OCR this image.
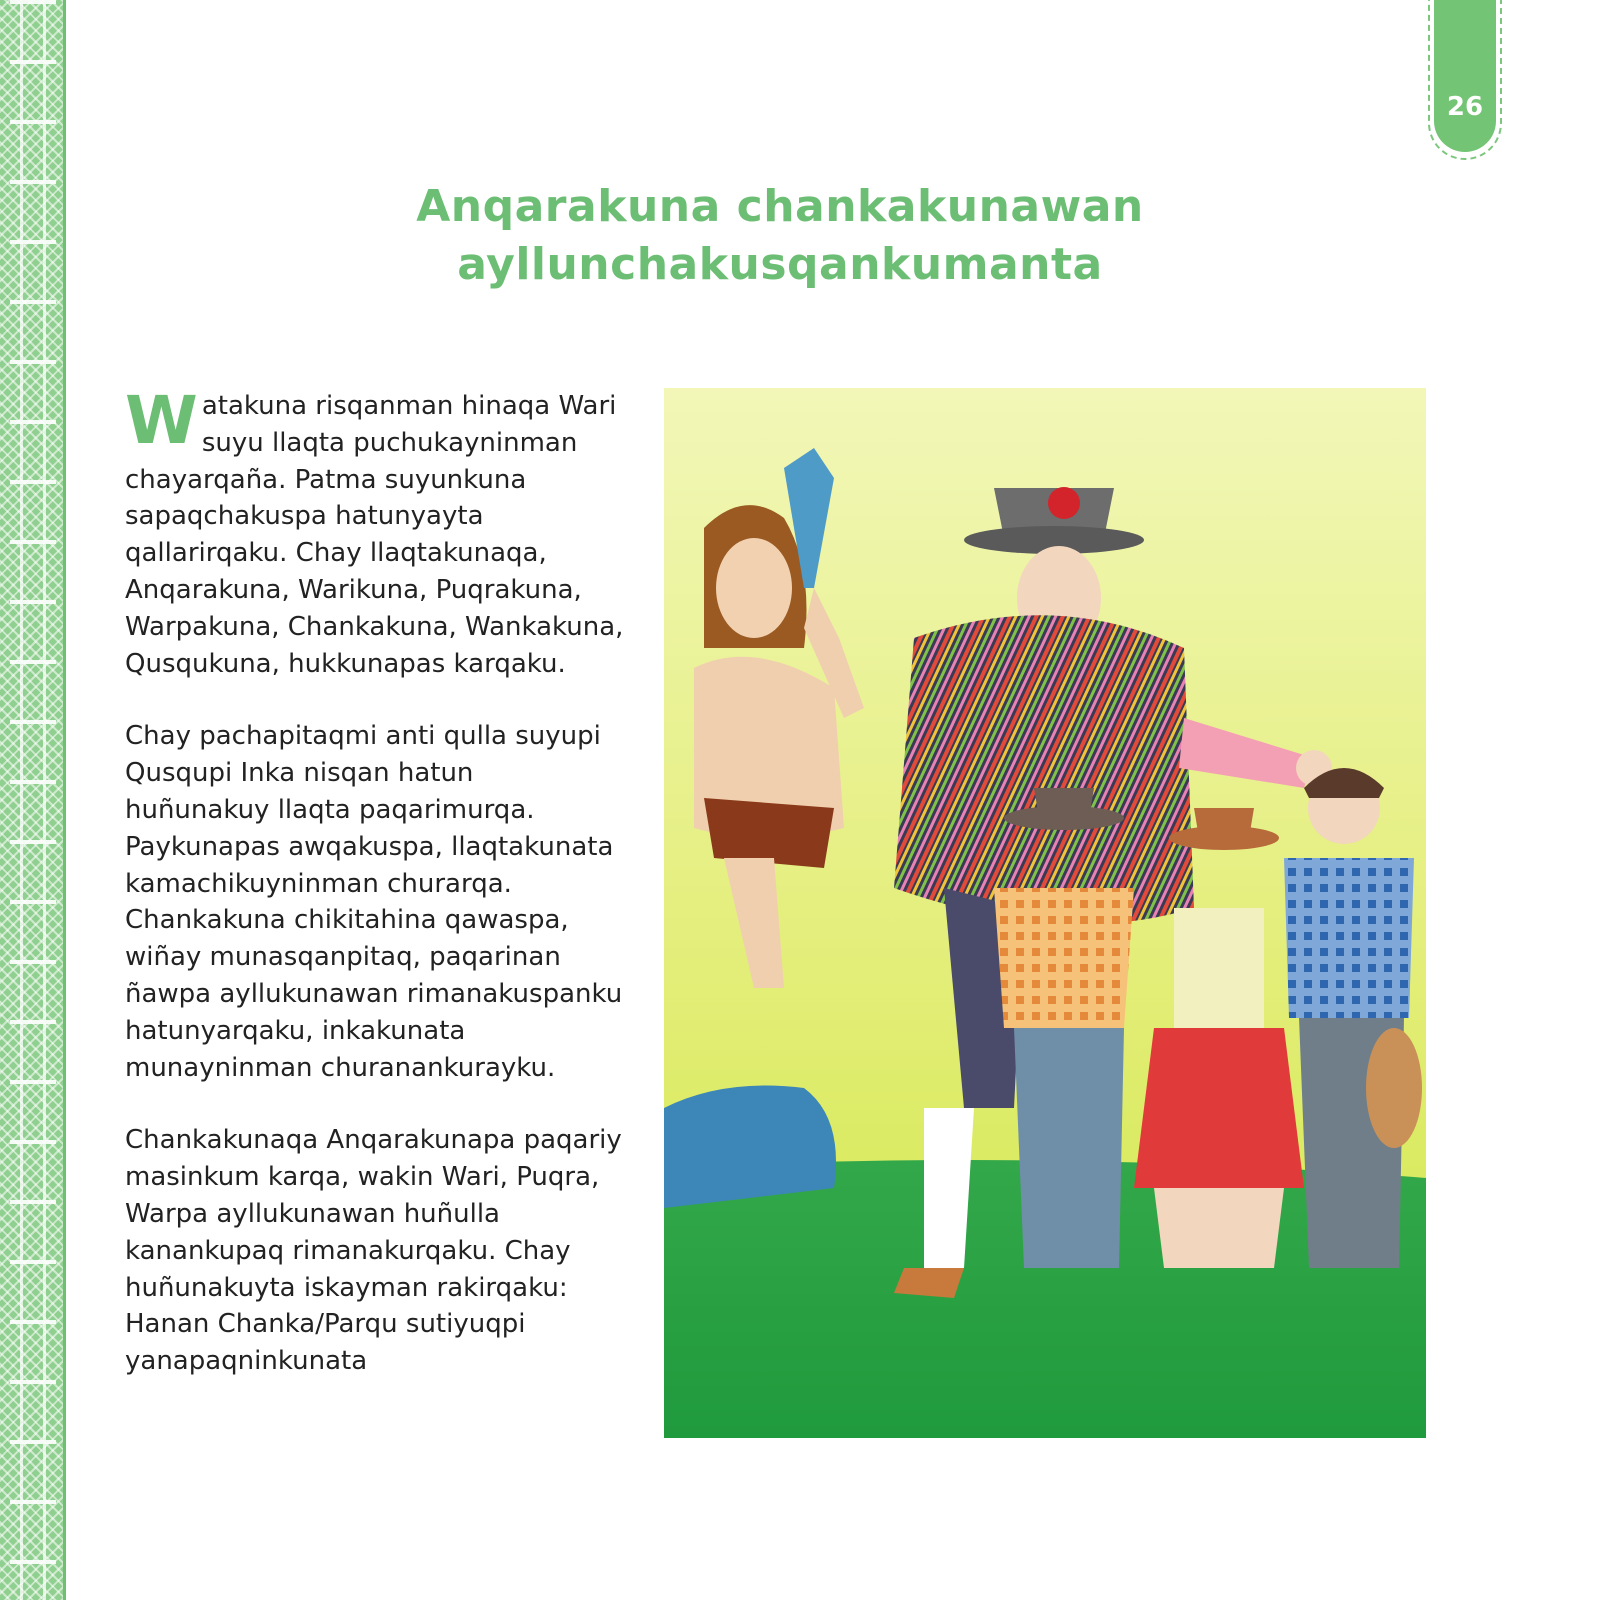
26
Anqarakuna chankakunawan
ayllunchakusqankumanta

Watakuna risqanman hinaqa Wari suyu llaqta puchukayninman chayarqaña. Patma suyunkuna sapaqchakuspa hatunyayta qallarirqaku. Chay llaqtakunaqa, Anqarakuna, Warikuna, Puqrakuna, Warpakuna, Chankakuna, Wankakuna, Qusqukuna, hukkunapas karqaku.

Chay pachapitaqmi anti qulla suyupi Qusqupi Inka nisqan hatun huñunakuy llaqta paqarimurqa. Paykunapas awqakuspa, llaqtakunata kamachikuyninman churarqa. Chankakuna chikitahina qawaspa, wiñay munasqanpitaq, paqarinan ñawpa ayllukunawan rimanakuspanku hatunyarqaku, inkakunata munayninman churanankurayku.

Chankakunaqa Anqarakunapa paqariy masinkum karqa, wakin Wari, Puqra, Warpa ayllukunawan huñulla kanankupaq rimanakurqaku. Chay huñunakuyta iskayman rakirqaku: Hanan Chanka/Parqu sutiyuqpi yanapaqninkunata
